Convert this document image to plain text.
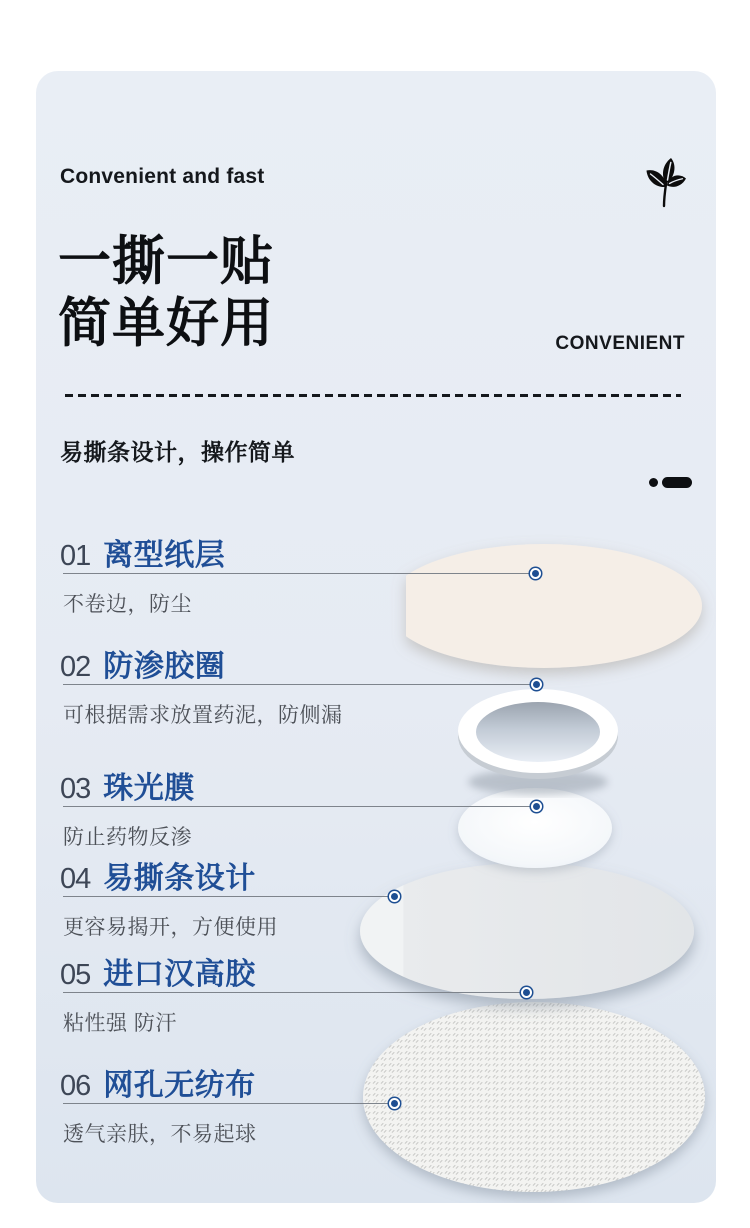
Convenient and fast
一撕一贴
简单好用	CONVENIENT
易撕条设计，操作简单
01 离型纸层
不卷边，防尘
02 防渗胶圈
可根据需求放置药泥，防侧漏
03 珠光膜
防止药物反渗
04 易撕条设计
更容易揭开，方便使用
05 进口汉高胶
粘性强 防汗
06 网孔无纺布
透气亲肤，不易起球
